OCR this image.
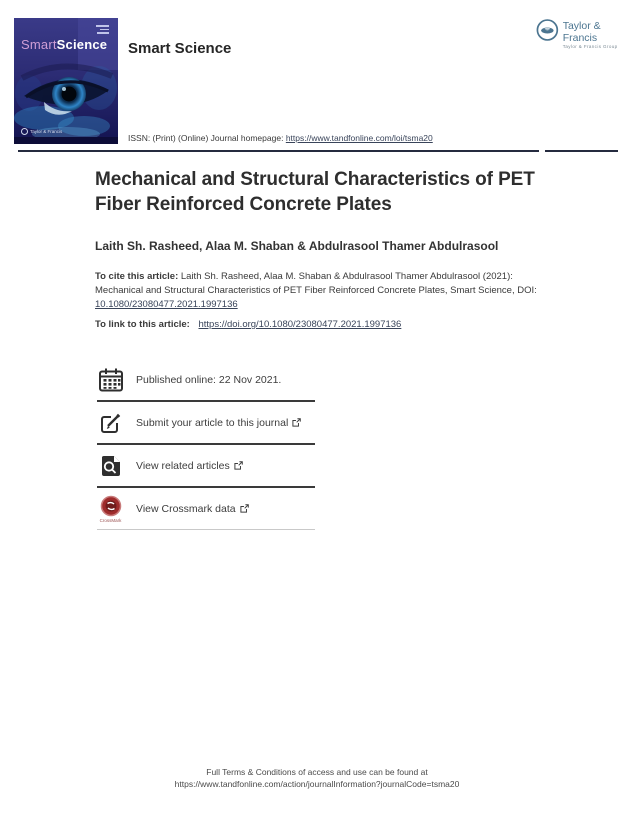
SmartScience
Taylor & Francis
Smart Science
Taylor & Francis
Taylor & Francis Group
ISSN: (Print) (Online) Journal homepage: https://www.tandfonline.com/loi/tsma20
Mechanical and Structural Characteristics of PET Fiber Reinforced Concrete Plates
Laith Sh. Rasheed, Alaa M. Shaban & Abdulrasool Thamer Abdulrasool
To cite this article: Laith Sh. Rasheed, Alaa M. Shaban & Abdulrasool Thamer Abdulrasool (2021): Mechanical and Structural Characteristics of PET Fiber Reinforced Concrete Plates, Smart Science, DOI: 10.1080/23080477.2021.1997136
To link to this article: https://doi.org/10.1080/23080477.2021.1997136
Published online: 22 Nov 2021.
Submit your article to this journal
View related articles
CrossMark
View Crossmark data
Full Terms & Conditions of access and use can be found at
https://www.tandfonline.com/action/journalInformation?journalCode=tsma20
